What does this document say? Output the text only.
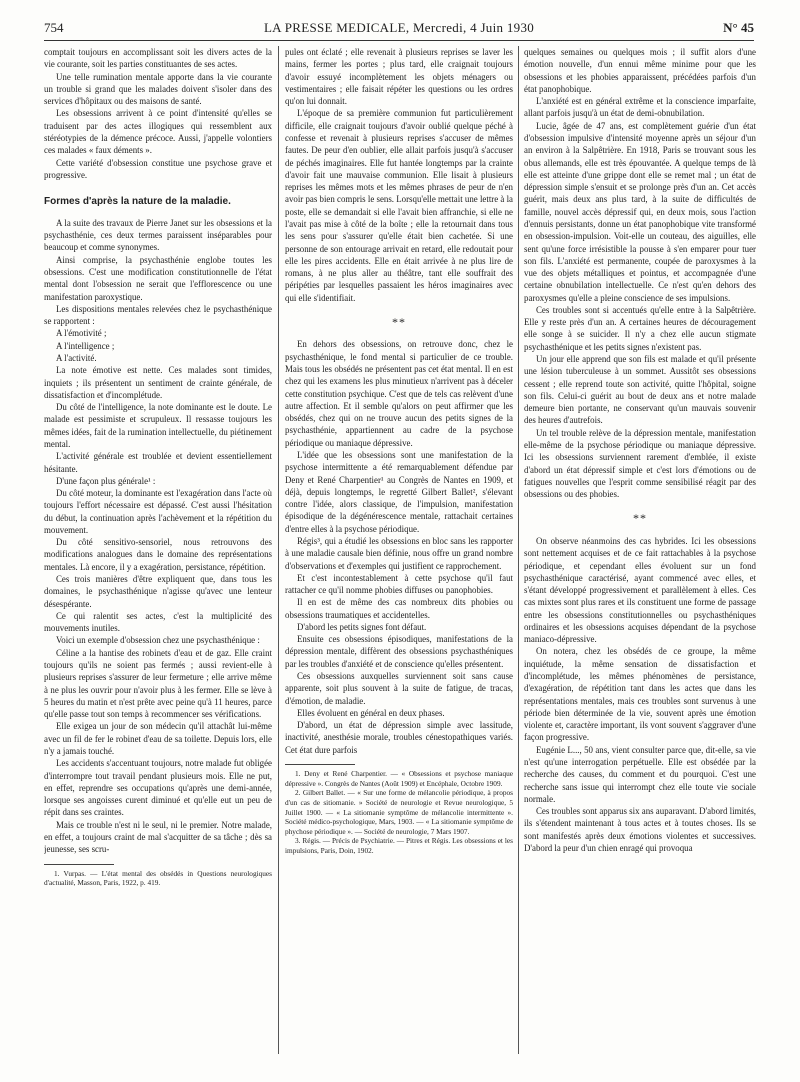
754	LA PRESSE MEDICALE, Mercredi, 4 Juin 1930	N° 45

comptait toujours en accomplissant soit les divers actes de la vie courante, soit les parties constituantes de ses actes.

Une telle rumination mentale apporte dans la vie courante un trouble si grand que les malades doivent s'isoler dans des services d'hôpitaux ou des maisons de santé.

Les obsessions arrivent à ce point d'intensité qu'elles se traduisent par des actes illogiques qui ressemblent aux stéréotypies de la démence précoce. Aussi, j'appelle volontiers ces malades « faux déments ».

Cette variété d'obsession constitue une psychose grave et progressive.

Formes d'après la nature de la maladie.

A la suite des travaux de Pierre Janet sur les obsessions et la psychasthénie, ces deux termes paraissent inséparables pour beaucoup et comme synonymes.

Ainsi comprise, la psychasthénie englobe toutes les obsessions. C'est une modification constitutionnelle de l'état mental dont l'obsession ne serait que l'efflorescence ou une manifestation paroxystique.

Les dispositions mentales relevées chez le psychasthénique se rapportent :

A l'émotivité ;

A l'intelligence ;

A l'activité.

La note émotive est nette. Ces malades sont timides, inquiets ; ils présentent un sentiment de crainte générale, de dissatisfaction et d'incomplétude.

Du côté de l'intelligence, la note dominante est le doute. Le malade est pessimiste et scrupuleux. Il ressasse toujours les mêmes idées, fait de la rumination intellectuelle, du piétinement mental.

L'activité générale est troublée et devient essentiellement hésitante.

D'une façon plus générale¹ :

Du côté moteur, la dominante est l'exagération dans l'acte où toujours l'effort nécessaire est dépassé. C'est aussi l'hésitation du début, la continuation après l'achèvement et la répétition du mouvement.

Du côté sensitivo-sensoriel, nous retrouvons des modifications analogues dans le domaine des représentations mentales. Là encore, il y a exagération, persistance, répétition.

Ces trois manières d'être expliquent que, dans tous les domaines, le psychasthénique n'agisse qu'avec une lenteur désespérante.

Ce qui ralentit ses actes, c'est la multiplicité des mouvements inutiles.

Voici un exemple d'obsession chez une psychasthénique :

Céline a la hantise des robinets d'eau et de gaz. Elle craint toujours qu'ils ne soient pas fermés ; aussi revient-elle à plusieurs reprises s'assurer de leur fermeture ; elle arrive même à ne plus les ouvrir pour n'avoir plus à les fermer. Elle se lève à 5 heures du matin et n'est prête avec peine qu'à 11 heures, parce qu'elle passe tout son temps à recommencer ses vérifications.

Elle exigea un jour de son médecin qu'il attachât lui-même avec un fil de fer le robinet d'eau de sa toilette. Depuis lors, elle n'y a jamais touché.

Les accidents s'accentuant toujours, notre malade fut obligée d'interrompre tout travail pendant plusieurs mois. Elle ne put, en effet, reprendre ses occupations qu'après une demi-année, lorsque ses angoisses curent diminué et qu'elle eut un peu de répit dans ses craintes.

Mais ce trouble n'est ni le seul, ni le premier. Notre malade, en effet, a toujours craint de mal s'acquitter de sa tâche ; dès sa jeunesse, ses scru-

1. Vurpas. — L'état mental des obsédés in Questions neurologiques d'actualité, Masson, Paris, 1922, p. 419.

pules ont éclaté ; elle revenait à plusieurs reprises se laver les mains, fermer les portes ; plus tard, elle craignait toujours d'avoir essuyé incomplètement les objets ménagers ou vestimentaires ; elle faisait répéter les questions ou les ordres qu'on lui donnait.

L'époque de sa première communion fut particulièrement difficile, elle craignait toujours d'avoir oublié quelque péché à confesse et revenait à plusieurs reprises s'accuser de mêmes fautes. De peur d'en oublier, elle allait parfois jusqu'à s'accuser de péchés imaginaires. Elle fut hantée longtemps par la crainte d'avoir fait une mauvaise communion. Elle lisait à plusieurs reprises les mêmes mots et les mêmes phrases de peur de n'en avoir pas bien compris le sens. Lorsqu'elle mettait une lettre à la poste, elle se demandait si elle l'avait bien affranchie, si elle ne l'avait pas mise à côté de la boîte ; elle la retournait dans tous les sens pour s'assurer qu'elle était bien cachetée. Si une personne de son entourage arrivait en retard, elle redoutait pour elle les pires accidents. Elle en était arrivée à ne plus lire de romans, à ne plus aller au théâtre, tant elle souffrait des péripéties par lesquelles passaient les héros imaginaires avec qui elle s'identifiait.

**

En dehors des obsessions, on retrouve donc, chez le psychasthénique, le fond mental si particulier de ce trouble. Mais tous les obsédés ne présentent pas cet état mental. Il en est chez qui les examens les plus minutieux n'arrivent pas à déceler cette constitution psychique. C'est que de tels cas relèvent d'une autre affection. Et il semble qu'alors on peut affirmer que les obsédés, chez qui on ne trouve aucun des petits signes de la psychasthénie, appartiennent au cadre de la psychose périodique ou maniaque dépressive.

L'idée que les obsessions sont une manifestation de la psychose intermittente a été remarquablement défendue par Deny et René Charpentier¹ au Congrès de Nantes en 1909, et déjà, depuis longtemps, le regretté Gilbert Ballet², s'élevant contre l'idée, alors classique, de l'impulsion, manifestation épisodique de la dégénérescence mentale, rattachait certaines d'entre elles à la psychose périodique.

Régis³, qui a étudié les obsessions en bloc sans les rapporter à une maladie causale bien définie, nous offre un grand nombre d'observations et d'exemples qui justifient ce rapprochement.

Et c'est incontestablement à cette psychose qu'il faut rattacher ce qu'il nomme phobies diffuses ou panophobies.

Il en est de même des cas nombreux dits phobies ou obsessions traumatiques et accidentelles.

D'abord les petits signes font défaut.

Ensuite ces obsessions épisodiques, manifestations de la dépression mentale, diffèrent des obsessions psychasthéniques par les troubles d'anxiété et de conscience qu'elles présentent.

Ces obsessions auxquelles surviennent soit sans cause apparente, soit plus souvent à la suite de fatigue, de tracas, d'émotion, de maladie.

Elles évoluent en général en deux phases.

D'abord, un état de dépression simple avec lassitude, inactivité, anesthésie morale, troubles cénestopathiques variés. Cet état dure parfois

1. Deny et René Charpentier. — « Obsessions et psychose maniaque dépressive ». Congrès de Nantes (Août 1909) et Encéphale, Octobre 1909.

2. Gilbert Ballet. — « Sur une forme de mélancolie périodique, à propos d'un cas de sitiomanie. » Société de neurologie et Revue neurologique, 5 Juillet 1900. — « La sitiomanie symptôme de mélancolie intermittente ». Société médico-psychologique, Mars, 1903. — « La sitiomanie symptôme de phychose périodique ». — Société de neurologie, 7 Mars 1907.

3. Régis. — Précis de Psychiatrie. — Pitres et Régis. Les obsessions et les impulsions, Paris, Doin, 1902.

quelques semaines ou quelques mois ; il suffit alors d'une émotion nouvelle, d'un ennui même minime pour que les obsessions et les phobies apparaissent, précédées parfois d'un état panophobique.

L'anxiété est en général extrême et la conscience imparfaite, allant parfois jusqu'à un état de demi-obnubilation.

Lucie, âgée de 47 ans, est complètement guérie d'un état d'obsession impulsive d'intensité moyenne après un séjour d'un an environ à la Salpêtrière. En 1918, Paris se trouvant sous les obus allemands, elle est très épouvantée. A quelque temps de là elle est atteinte d'une grippe dont elle se remet mal ; un état de dépression simple s'ensuit et se prolonge près d'un an. Cet accès guérit, mais deux ans plus tard, à la suite de difficultés de famille, nouvel accès dépressif qui, en deux mois, sous l'action d'ennuis persistants, donne un état panophobique vite transformé en obsession-impulsion. Voit-elle un couteau, des aiguilles, elle sent qu'une force irrésistible la pousse à s'en emparer pour tuer son fils. L'anxiété est permanente, coupée de paroxysmes à la vue des objets métalliques et pointus, et accompagnée d'une certaine obnubilation intellectuelle. Ce n'est qu'en dehors des paroxysmes qu'elle a pleine conscience de ses impulsions.

Ces troubles sont si accentués qu'elle entre à la Salpêtrière. Elle y reste près d'un an. A certaines heures de découragement elle songe à se suicider. Il n'y a chez elle aucun stigmate psychasthénique et les petits signes n'existent pas.

Un jour elle apprend que son fils est malade et qu'il présente une lésion tuberculeuse à un sommet. Aussitôt ses obsessions cessent ; elle reprend toute son activité, quitte l'hôpital, soigne son fils. Celui-ci guérit au bout de deux ans et notre malade demeure bien portante, ne conservant qu'un mauvais souvenir des heures d'autrefois.

Un tel trouble relève de la dépression mentale, manifestation elle-même de la psychose périodique ou maniaque dépressive. Ici les obsessions surviennent rarement d'emblée, il existe d'abord un état dépressif simple et c'est lors d'émotions ou de fatigues nouvelles que l'esprit comme sensibilisé réagit par des obsessions ou des phobies.

**

On observe néanmoins des cas hybrides. Ici les obsessions sont nettement acquises et de ce fait rattachables à la psychose périodique, et cependant elles évoluent sur un fond psychasthénique caractérisé, ayant commencé avec elles, et s'étant développé progressivement et parallèlement à elles. Ces cas mixtes sont plus rares et ils constituent une forme de passage entre les obsessions constitutionnelles ou psychasthéniques ordinaires et les obsessions acquises dépendant de la psychose maniaco-dépressive.

On notera, chez les obsédés de ce groupe, la même inquiétude, la même sensation de dissatisfaction et d'incomplétude, les mêmes phénomènes de persistance, d'exagération, de répétition tant dans les actes que dans les représentations mentales, mais ces troubles sont survenus à une période bien déterminée de la vie, souvent après une émotion violente et, caractère important, ils vont souvent s'aggraver d'une façon progressive.

Eugénie L..., 50 ans, vient consulter parce que, dit-elle, sa vie n'est qu'une interrogation perpétuelle. Elle est obsédée par la recherche des causes, du comment et du pourquoi. C'est une recherche sans issue qui interrompt chez elle toute vie sociale normale.

Ces troubles sont apparus six ans auparavant. D'abord limités, ils s'étendent maintenant à tous actes et à toutes choses. Ils se sont manifestés après deux émotions violentes et successives. D'abord la peur d'un chien enragé qui provoqua
